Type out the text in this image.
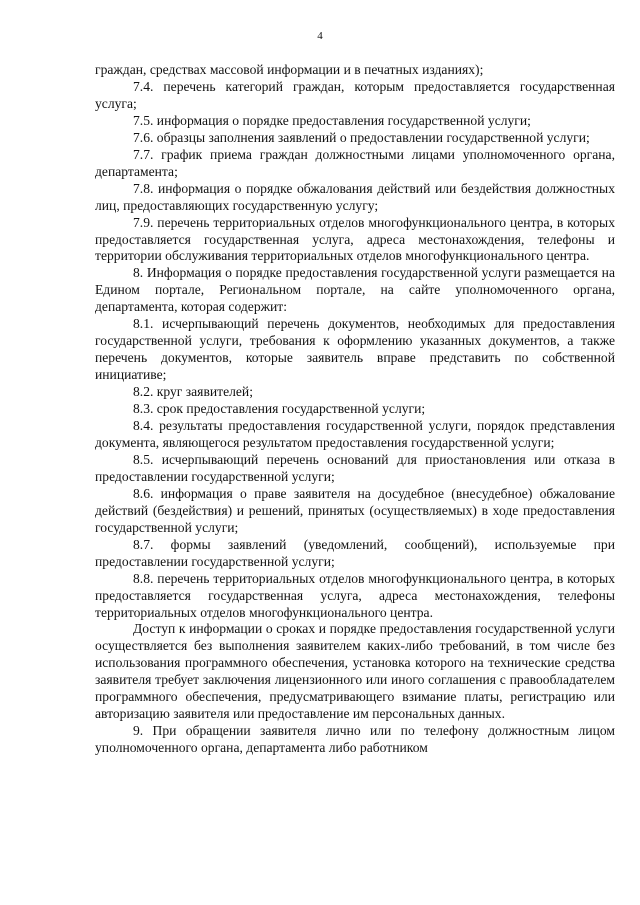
4

граждан, средствах массовой информации и в печатных изданиях);

7.4. перечень категорий граждан, которым предоставляется государственная услуга;

7.5. информация о порядке предоставления государственной услуги;

7.6. образцы заполнения заявлений о предоставлении государственной услуги;

7.7. график приема граждан должностными лицами уполномоченного органа, департамента;

7.8. информация о порядке обжалования действий или бездействия должностных лиц, предоставляющих государственную услугу;

7.9. перечень территориальных отделов многофункционального центра, в которых предоставляется государственная услуга, адреса местонахождения, телефоны и территории обслуживания территориальных отделов многофункционального центра.

8. Информация о порядке предоставления государственной услуги размещается на Едином портале, Региональном портале, на сайте уполномоченного органа, департамента, которая содержит:

8.1. исчерпывающий перечень документов, необходимых для предоставления государственной услуги, требования к оформлению указанных документов, а также перечень документов, которые заявитель вправе представить по собственной инициативе;

8.2. круг заявителей;

8.3. срок предоставления государственной услуги;

8.4. результаты предоставления государственной услуги, порядок представления документа, являющегося результатом предоставления государственной услуги;

8.5. исчерпывающий перечень оснований для приостановления или отказа в предоставлении государственной услуги;

8.6. информация о праве заявителя на досудебное (внесудебное) обжалование действий (бездействия) и решений, принятых (осуществляемых) в ходе предоставления государственной услуги;

8.7. формы заявлений (уведомлений, сообщений), используемые при предоставлении государственной услуги;

8.8. перечень территориальных отделов многофункционального центра, в которых предоставляется государственная услуга, адреса местонахождения, телефоны территориальных отделов многофункционального центра.

Доступ к информации о сроках и порядке предоставления государственной услуги осуществляется без выполнения заявителем каких-либо требований, в том числе без использования программного обеспечения, установка которого на технические средства заявителя требует заключения лицензионного или иного соглашения с правообладателем программного обеспечения, предусматривающего взимание платы, регистрацию или авторизацию заявителя или предоставление им персональных данных.

9. При обращении заявителя лично или по телефону должностным лицом уполномоченного органа, департамента либо работником
